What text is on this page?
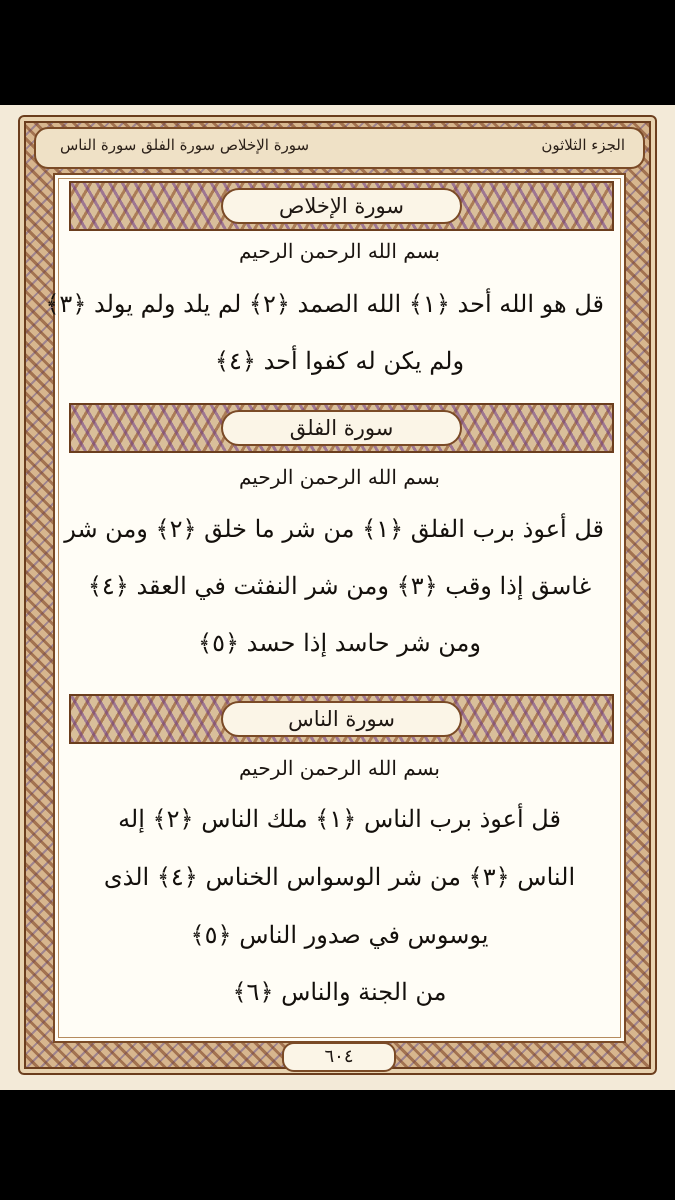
سورة الإخلاص سورة الفلق سورة الناس	الجزء الثلاثون
سورة الإخلاص
بسم الله الرحمن الرحيم
قل هو الله أحد ﴿١﴾ الله الصمد ﴿٢﴾ لم يلد ولم يولد ﴿٣﴾
ولم يكن له كفوا أحد ﴿٤﴾
سورة الفلق
بسم الله الرحمن الرحيم
قل أعوذ برب الفلق ﴿١﴾ من شر ما خلق ﴿٢﴾ ومن شر
غاسق إذا وقب ﴿٣﴾ ومن شر النفثت في العقد ﴿٤﴾
ومن شر حاسد إذا حسد ﴿٥﴾
سورة الناس
بسم الله الرحمن الرحيم
قل أعوذ برب الناس ﴿١﴾ ملك الناس ﴿٢﴾ إله
الناس ﴿٣﴾ من شر الوسواس الخناس ﴿٤﴾ الذى
يوسوس في صدور الناس ﴿٥﴾
من الجنة والناس ﴿٦﴾
٦٠٤
